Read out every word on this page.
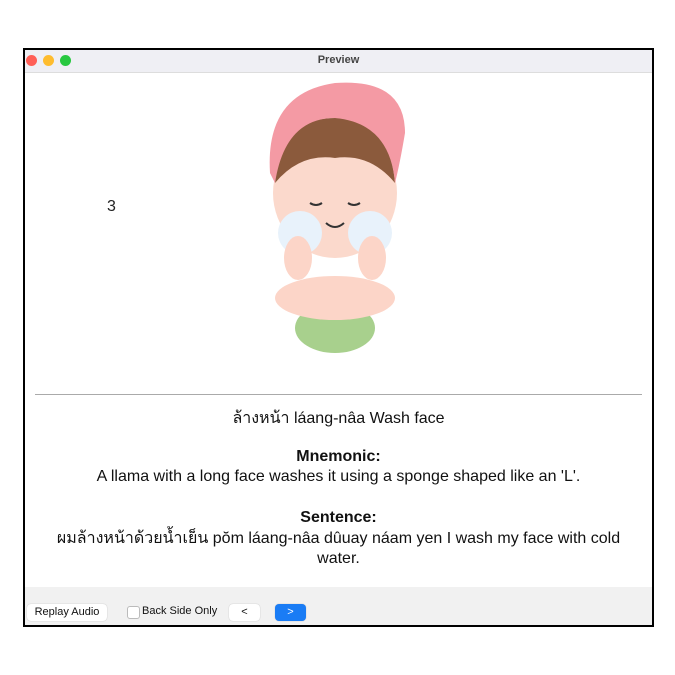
Preview
3
ล้างหน้า láang-nâa Wash face
Mnemonic:
A llama with a long face washes it using a sponge shaped like an 'L'.
Sentence:
ผมล้างหน้าด้วยน้ำเย็น pŏm láang-nâa dûuay náam yen I wash my face with cold
water.
Replay Audio	Back Side Only	<	>
